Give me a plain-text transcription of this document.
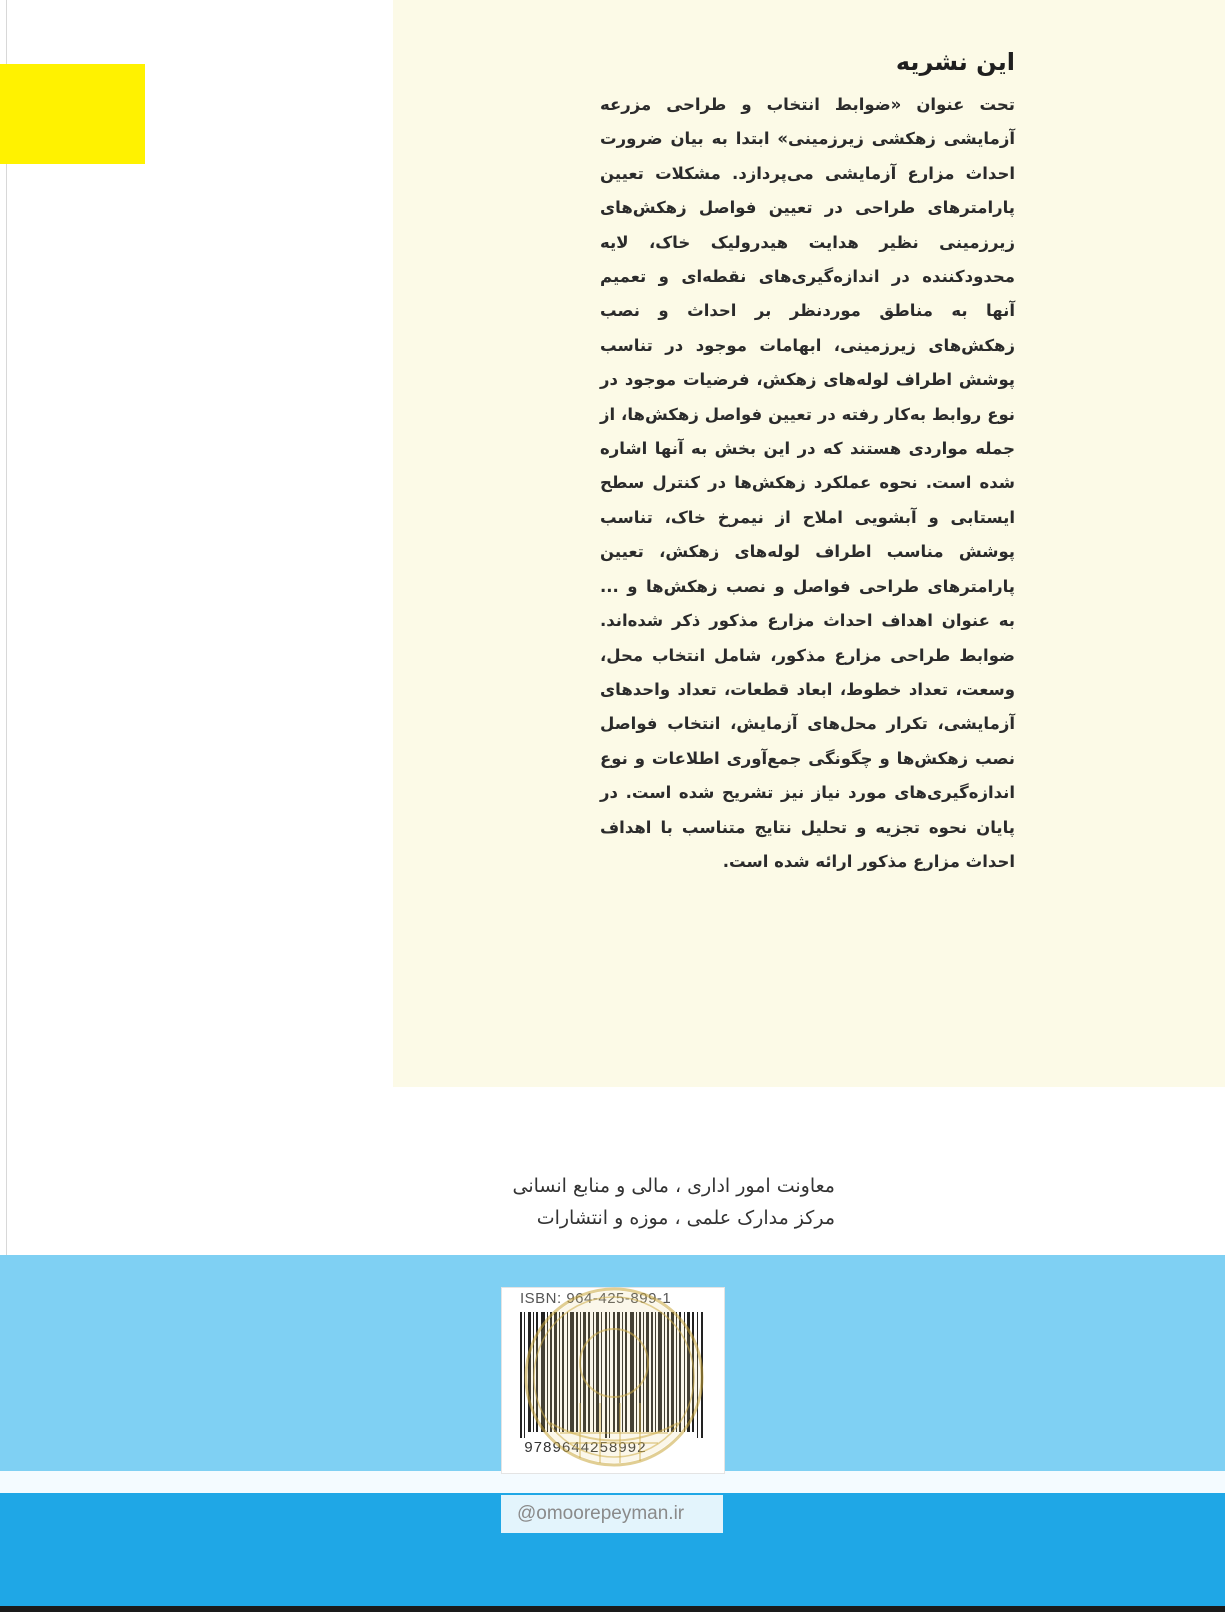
این نشریه

تحت عنوان «ضوابط انتخاب و طراحی مزرعه آزمایشی زهکشی زیرزمینی» ابتدا به بیان ضرورت احداث مزارع آزمایشی می‌پردازد. مشکلات تعیین پارامترهای طراحی در تعیین فواصل زهکش‌های زیرزمینی نظیر هدایت هیدرولیک خاک، لایه محدودکننده در اندازه‌گیری‌های نقطه‌ای و تعمیم آنها به مناطق موردنظر بر احداث و نصب زهکش‌های زیرزمینی، ابهامات موجود در تناسب پوشش اطراف لوله‌های زهکش، فرضیات موجود در نوع روابط به‌کار رفته در تعیین فواصل زهکش‌ها، از جمله مواردی هستند که در این بخش به آنها اشاره شده است. نحوه عملکرد زهکش‌ها در کنترل سطح ایستابی و آبشویی املاح از نیمرخ خاک، تناسب پوشش مناسب اطراف لوله‌های زهکش، تعیین پارامترهای طراحی فواصل و نصب زهکش‌ها و ... به عنوان اهداف احداث مزارع مذکور ذکر شده‌اند. ضوابط طراحی مزارع مذکور، شامل انتخاب محل، وسعت، تعداد خطوط، ابعاد قطعات، تعداد واحدهای آزمایشی، تکرار محل‌های آزمایش، انتخاب فواصل نصب زهکش‌ها و چگونگی جمع‌آوری اطلاعات و نوع اندازه‌گیری‌های مورد نیاز نیز تشریح شده است. در پایان نحوه تجزیه و تحلیل نتایج متناسب با اهداف احداث مزارع مذکور ارائه شده است.

معاونت امور اداری ، مالی و منابع انسانی
مرکز مدارک علمی ، موزه و انتشارات
ISBN: 964-425-899-1
9789644258992
@omoorepeyman.ir
